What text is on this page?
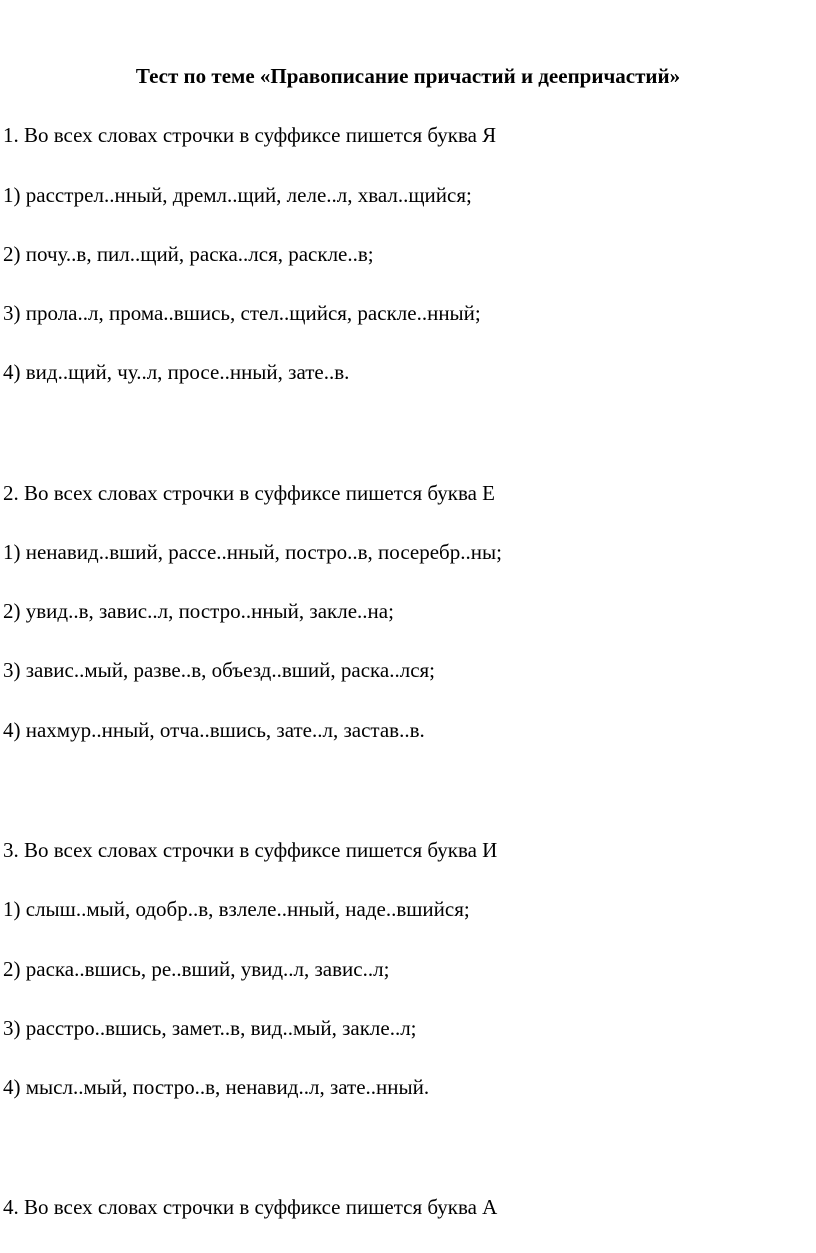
Тест по теме «Правописание причастий и деепричастий»
1. Во всех словах строчки в суффиксе пишется буква Я
1) расстрел..нный, дремл..щий, леле..л, хвал..щийся;
2) почу..в, пил..щий, раска..лся, раскле..в;
3) прола..л, прома..вшись, стел..щийся, раскле..нный;
4) вид..щий, чу..л, просе..нный, зате..в.
2. Во всех словах строчки в суффиксе пишется буква Е
1) ненавид..вший, рассе..нный, постро..в, посеребр..ны;
2) увид..в, завис..л, постро..нный, закле..на;
3) завис..мый, разве..в, объезд..вший, раска..лся;
4) нахмур..нный, отча..вшись, зате..л, застав..в.
3. Во всех словах строчки в суффиксе пишется буква И
1) слыш..мый, одобр..в, взлеле..нный, наде..вшийся;
2) раска..вшись, ре..вший, увид..л, завис..л;
3) расстро..вшись, замет..в, вид..мый, закле..л;
4) мысл..мый, постро..в, ненавид..л, зате..нный.
4. Во всех словах строчки в суффиксе пишется буква А
